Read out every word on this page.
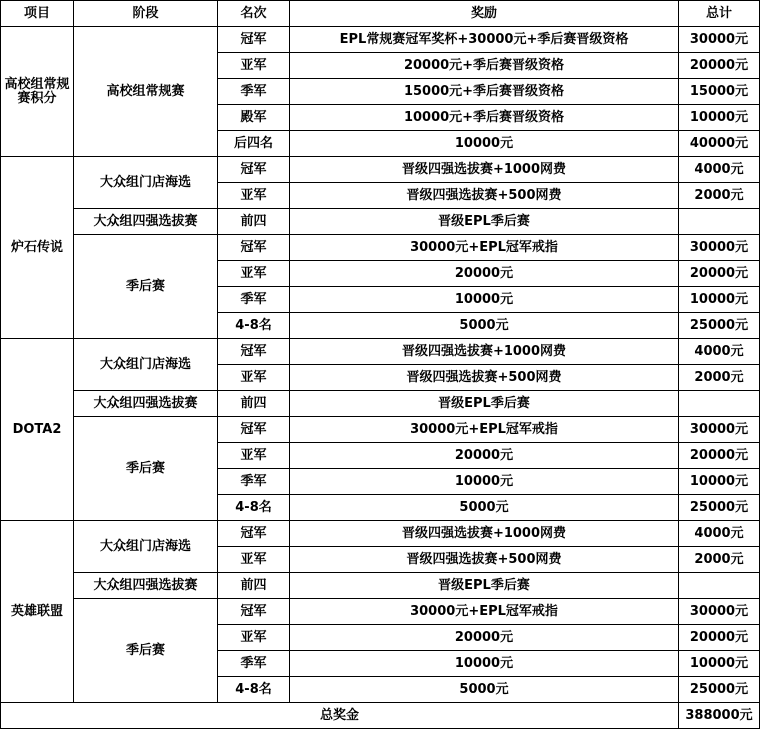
项目	阶段	名次	奖励	总计
高校组常规赛积分	高校组常规赛	冠军	EPL常规赛冠军奖杯+30000元+季后赛晋级资格	30000元
		亚军	20000元+季后赛晋级资格	20000元
		季军	15000元+季后赛晋级资格	15000元
		殿军	10000元+季后赛晋级资格	10000元
		后四名	10000元	40000元
炉石传说	大众组门店海选	冠军	晋级四强选拔赛+1000网费	4000元
		亚军	晋级四强选拔赛+500网费	2000元
	大众组四强选拔赛	前四	晋级EPL季后赛	
	季后赛	冠军	30000元+EPL冠军戒指	30000元
		亚军	20000元	20000元
		季军	10000元	10000元
		4-8名	5000元	25000元
DOTA2	大众组门店海选	冠军	晋级四强选拔赛+1000网费	4000元
		亚军	晋级四强选拔赛+500网费	2000元
	大众组四强选拔赛	前四	晋级EPL季后赛	
	季后赛	冠军	30000元+EPL冠军戒指	30000元
		亚军	20000元	20000元
		季军	10000元	10000元
		4-8名	5000元	25000元
英雄联盟	大众组门店海选	冠军	晋级四强选拔赛+1000网费	4000元
		亚军	晋级四强选拔赛+500网费	2000元
	大众组四强选拔赛	前四	晋级EPL季后赛	
	季后赛	冠军	30000元+EPL冠军戒指	30000元
		亚军	20000元	20000元
		季军	10000元	10000元
		4-8名	5000元	25000元
总奖金				388000元
